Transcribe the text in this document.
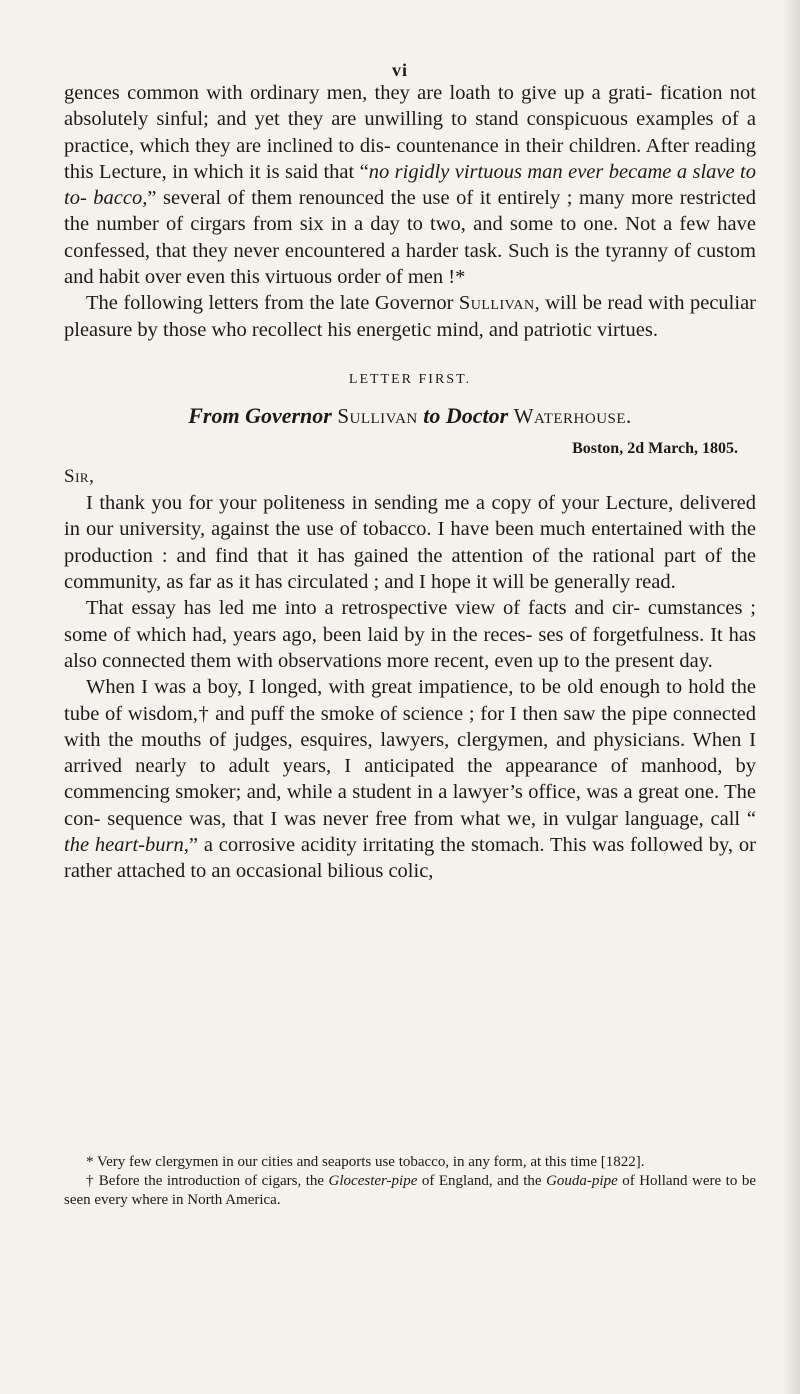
vi

gences common with ordinary men, they are loath to give up a grati- fication not absolutely sinful; and yet they are unwilling to stand conspicuous examples of a practice, which they are inclined to dis- countenance in their children. After reading this Lecture, in which it is said that “no rigidly virtuous man ever became a slave to to- bacco,” several of them renounced the use of it entirely ; many more restricted the number of cirgars from six in a day to two, and some to one. Not a few have confessed, that they never encountered a harder task. Such is the tyranny of custom and habit over even this virtuous order of men !*

The following letters from the late Governor Sullivan, will be read with peculiar pleasure by those who recollect his energetic mind, and patriotic virtues.

LETTER FIRST.
From Governor Sullivan to Doctor Waterhouse.
Boston, 2d March, 1805.
Sir,

I thank you for your politeness in sending me a copy of your Lecture, delivered in our university, against the use of tobacco. I have been much entertained with the production : and find that it has gained the attention of the rational part of the community, as far as it has circulated ; and I hope it will be generally read.

That essay has led me into a retrospective view of facts and cir- cumstances ; some of which had, years ago, been laid by in the reces- ses of forgetfulness. It has also connected them with observations more recent, even up to the present day.

When I was a boy, I longed, with great impatience, to be old enough to hold the tube of wisdom,† and puff the smoke of science ; for I then saw the pipe connected with the mouths of judges, esquires, lawyers, clergymen, and physicians. When I arrived nearly to adult years, I anticipated the appearance of manhood, by commencing smoker; and, while a student in a lawyer’s office, was a great one. The con- sequence was, that I was never free from what we, in vulgar language, call “ the heart-burn,” a corrosive acidity irritating the stomach. This was followed by, or rather attached to an occasional bilious colic,

* Very few clergymen in our cities and seaports use tobacco, in any form, at this time [1822].

† Before the introduction of cigars, the Glocester-pipe of England, and the Gouda-pipe of Holland were to be seen every where in North America.
